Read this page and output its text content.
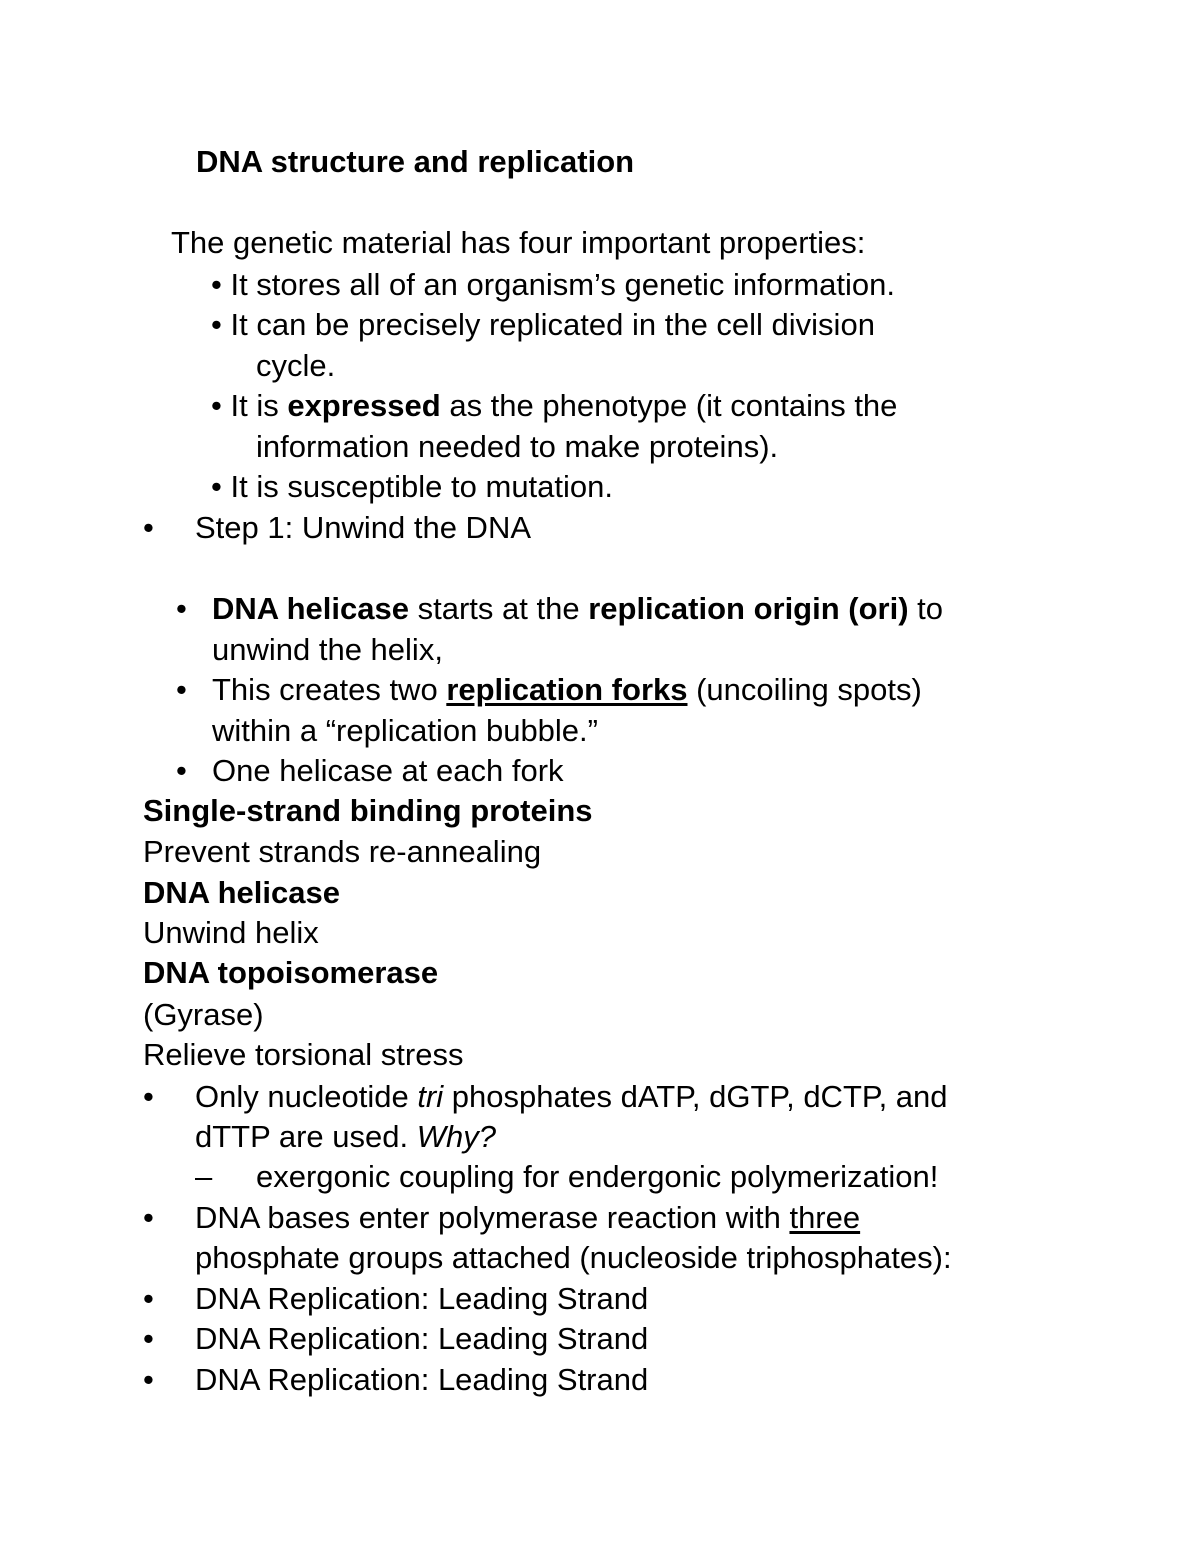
DNA structure and replication
The genetic material has four important properties:
• It stores all of an organism’s genetic information.
• It can be precisely replicated in the cell division
cycle.
• It is expressed as the phenotype (it contains the
information needed to make proteins).
• It is susceptible to mutation.
• Step 1: Unwind the DNA
• DNA helicase starts at the replication origin (ori) to
unwind the helix,
• This creates two replication forks (uncoiling spots)
within a “replication bubble.”
• One helicase at each fork
Single-strand binding proteins
Prevent strands re-annealing
DNA helicase
Unwind helix
DNA topoisomerase
(Gyrase)
Relieve torsional stress
• Only nucleotide tri phosphates dATP, dGTP, dCTP, and
dTTP are used. Why?
– exergonic coupling for endergonic polymerization!
• DNA bases enter polymerase reaction with three
phosphate groups attached (nucleoside triphosphates):
• DNA Replication: Leading Strand
• DNA Replication: Leading Strand
• DNA Replication: Leading Strand
